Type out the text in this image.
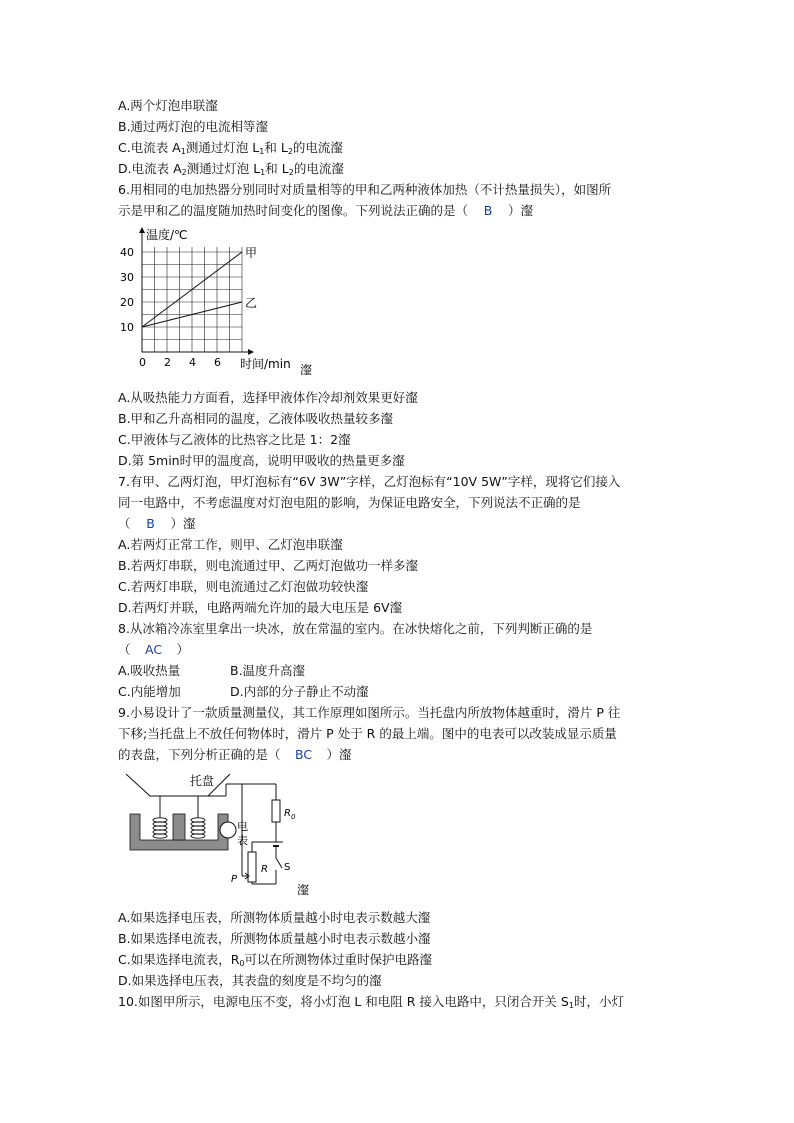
A.两个灯泡串联瀣
B.通过两灯泡的电流相等瀣
C.电流表 $A_1$测通过灯泡 $L_1$和 $L_2$的电流瀣
D.电流表 $A_2$测通过灯泡 $L_1$和 $L_2$的电流瀣
6.用相同的电加热器分别同时对质量相等的甲和乙两种液体加热（不计热量损失），如图所
示是甲和乙的温度随加热时间变化的图像。下列说法正确的是（ B ）瀣
甲
乙
0 2 4 6
10
20
30
40
温度/℃
时间/min 瀣
A.从吸热能力方面看，选择甲液体作冷却剂效果更好瀣
B.甲和乙升高相同的温度，乙液体吸收热量较多瀣
C.甲液体与乙液体的比热容之比是 1：2瀣
D.第 5min时甲的温度高，说明甲吸收的热量更多瀣
7.有甲、乙两灯泡，甲灯泡标有“6V 3W”字样，乙灯泡标有“10V 5W”字样，现将它们接入
同一电路中，不考虑温度对灯泡电阻的影响，为保证电路安全，下列说法不正确的是
（ B ）瀣
A.若两灯正常工作，则甲、乙灯泡串联瀣
B.若两灯串联，则电流通过甲、乙两灯泡做功一样多瀣
C.若两灯串联，则电流通过乙灯泡做功较快瀣
D.若两灯并联，电路两端允许加的最大电压是 6V瀣
8.从冰箱冷冻室里拿出一块冰，放在常温的室内。在冰快熔化之前，下列判断正确的是
（ AC ）
A.吸收热量	B.温度升高瀣
C.内能增加	D.内部的分子静止不动瀣
9.小易设计了一款质量测量仪，其工作原理如图所示。当托盘内所放物体越重时，滑片 P 往
下移;当托盘上不放任何物体时，滑片 P 处于 R 的最上端。图中的电表可以改装成显示质量
的表盘，下列分析正确的是（ BC ）瀣
托盘
电
表
$R_0$
S
R
P
瀣
A.如果选择电压表，所测物体质量越小时电表示数越大瀣
B.如果选择电流表，所测物体质量越小时电表示数越小瀣
C.如果选择电流表，$R_0$可以在所测物体过重时保护电路瀣
D.如果选择电压表，其表盘的刻度是不均匀的瀣
10.如图甲所示，电源电压不变，将小灯泡 L 和电阻 R 接入电路中，只闭合开关 $S_1$时，小灯
